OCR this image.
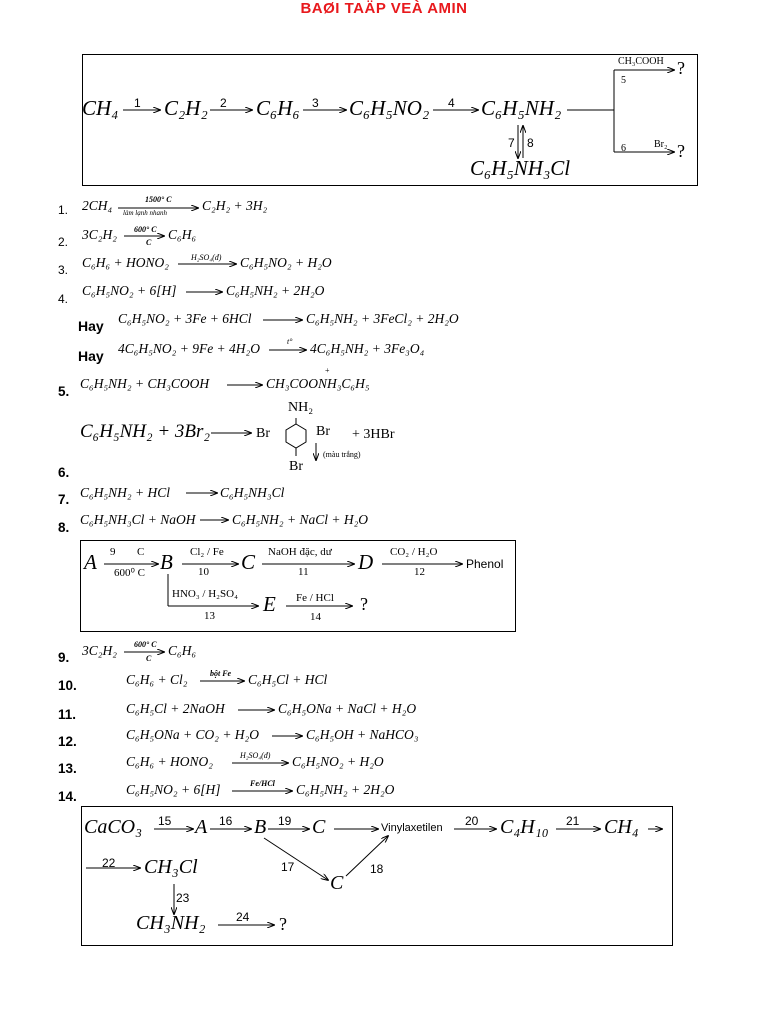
BAØI TAÄP VEÀ AMIN
CH₄ 1 C₂H₂ 2 C₆H₆ 3 C₆H₅NO₂ 4 C₆H₅NH₂
7 8
C₆H₅NH₃Cl
CH₃COOH
5
?
Br₂
6	?
1. 2CH₄	1500° C
làm lạnh nhanh	C₂H₂ + 3H₂
2. 3C₂H₂ 600° C
C
C₆H₆
3. C₆H₆ + HONO₂	H₂SO₄(đ) C₆H₅NO₂ + H₂O
4.
C₆H₅NO₂ + 6[H]	C₆H₅NH₂ + 2H₂O
Hay C₆H₅NO₂ + 3Fe + 6HCl	C₆H₅NH₂ + 3FeCl₂ + 2H₂O
Hay 4C₆H₅NO₂ + 9Fe + 4H₂O	t° 4C₆H₅NH₂ + 3Fe₃O₄
5.
C₆H₅NH₂ + CH₃COOH
+
CH₃COONH₃C₆H₅
6.
C₆H₅NH₂ + 3Br₂
NH₂
Br	Br
Br
+ 3HBr
(màu trắng)
7. C₆H₅NH₂ + HCl	C₆H₅NH₃Cl
8.
C₆H₅NH₃Cl + NaOH	C₆H₅NH₂ + NaCl + H₂O
A 9 C
600⁰ C B Cl₂ / Fe
10 C NaOH đặc, dư
11 D CO₂ / H₂O
12
Phenol
HNO₃ / H₂SO₄
13 E Fe / HCl
14
?
9. 3C₂H₂ 600° C
C
C₆H₆
10.	C₆H₆ + Cl₂	bột Fe C₆H₅Cl + HCl
11.	C₆H₅Cl + 2NaOH	C₆H₅ONa + NaCl + H₂O
12.	C₆H₅ONa + CO₂ + H₂O	C₆H₅OH + NaHCO₃
13.	C₆H₆ + HONO₂	H₂SO₄(đ) C₆H₅NO₂ + H₂O
14.	C₆H₅NO₂ + 6[H]	Fe/HCl C₆H₅NH₂ + 2H₂O
CaCO₃ 15 A 16 B 19 C	Vinylaxetilen 20 C₄H₁₀ 21 CH₄
22 CH₃Cl	17
C
18
23
CH₃NH₂	24 ?
